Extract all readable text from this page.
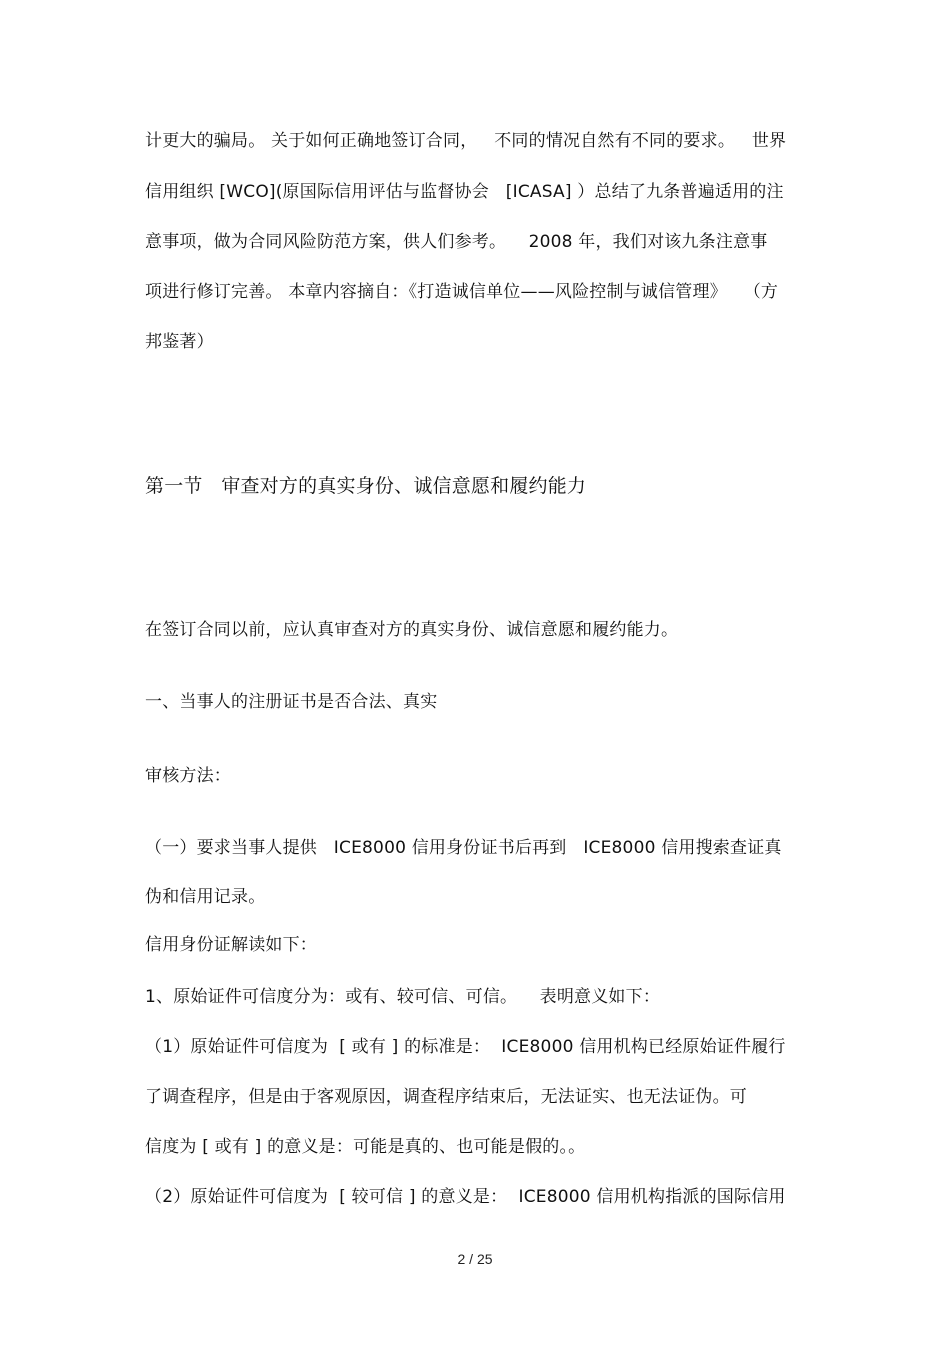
计更大的骗局。 关于如何正确地签订合同，   不同的情况自然有不同的要求。   世界
信用组织 [WCO](原国际信用评估与监督协会   [ICASA] ）总结了九条普遍适用的注
意事项，做为合同风险防范方案，供人们参考。    2008 年，我们对该九条注意事
项进行修订完善。 本章内容摘自：《打造诚信单位——风险控制与诚信管理》   （方
邦鉴著）
第一节   审查对方的真实身份、诚信意愿和履约能力
在签订合同以前，应认真审查对方的真实身份、诚信意愿和履约能力。
一、当事人的注册证书是否合法、真实
审核方法：
（一）要求当事人提供   ICE8000 信用身份证书后再到   ICE8000 信用搜索查证真
伪和信用记录。
信用身份证解读如下：
1、原始证件可信度分为：或有、较可信、可信。    表明意义如下：
（1）原始证件可信度为  [ 或有 ] 的标准是：  ICE8000 信用机构已经原始证件履行
了调查程序，但是由于客观原因，调查程序结束后，无法证实、也无法证伪。可
信度为 [ 或有 ] 的意义是：可能是真的、也可能是假的。。
（2）原始证件可信度为  [ 较可信 ] 的意义是：  ICE8000 信用机构指派的国际信用
2 / 25
